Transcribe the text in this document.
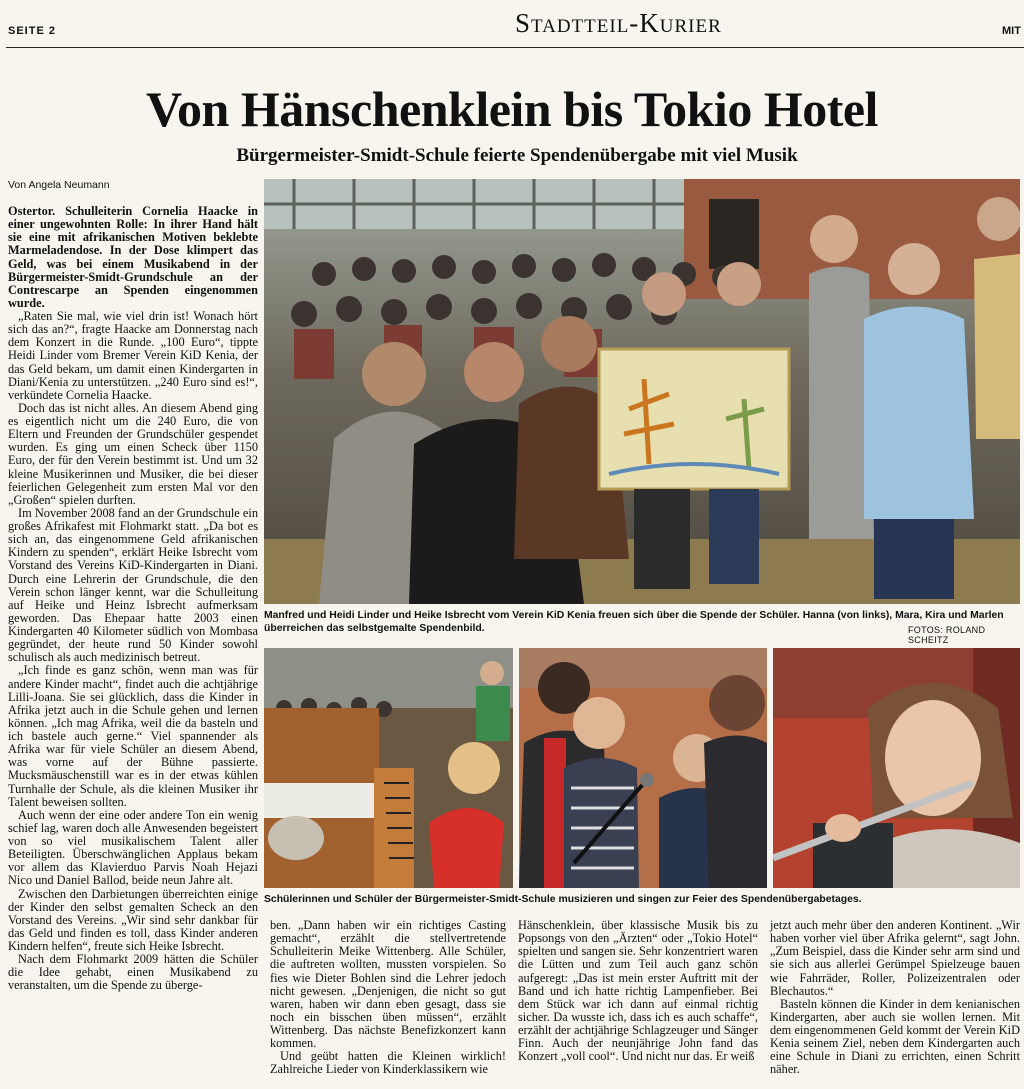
SEITE 2	Stadtteil-Kurier	MIT
Von Hänschenklein bis Tokio Hotel
Bürgermeister-Smidt-Schule feierte Spendenübergabe mit viel Musik
Von Angela Neumann

Ostertor. Schulleiterin Cornelia Haacke in einer ungewohnten Rolle: In ihrer Hand hält sie eine mit afrikanischen Motiven beklebte Marmeladendose. In der Dose klimpert das Geld, was bei einem Musikabend in der Bürgermeister-Smidt-Grundschule an der Contrescarpe an Spenden eingenommen wurde.

„Raten Sie mal, wie viel drin ist! Wonach hört sich das an?“, fragte Haacke am Donnerstag nach dem Konzert in die Runde. „100 Euro“, tippte Heidi Linder vom Bremer Verein KiD Kenia, der das Geld bekam, um damit einen Kindergarten in Diani/Kenia zu unterstützen. „240 Euro sind es!“, verkündete Cornelia Haacke.

Doch das ist nicht alles. An diesem Abend ging es eigentlich nicht um die 240 Euro, die von Eltern und Freunden der Grundschüler gespendet wurden. Es ging um einen Scheck über 1150 Euro, der für den Verein bestimmt ist. Und um 32 kleine Musikerinnen und Musiker, die bei dieser feierlichen Gelegenheit zum ersten Mal vor den „Großen“ spielen durften.

Im November 2008 fand an der Grundschule ein großes Afrikafest mit Flohmarkt statt. „Da bot es sich an, das eingenommene Geld afrikanischen Kindern zu spenden“, erklärt Heike Isbrecht vom Vorstand des Vereins KiD-Kindergarten in Diani. Durch eine Lehrerin der Grundschule, die den Verein schon länger kennt, war die Schulleitung auf Heike und Heinz Isbrecht aufmerksam geworden. Das Ehepaar hatte 2003 einen Kindergarten 40 Kilometer südlich von Mombasa gegründet, der heute rund 50 Kinder sowohl schulisch als auch medizinisch betreut.

„Ich finde es ganz schön, wenn man was für andere Kinder macht“, findet auch die achtjährige Lilli-Joana. Sie sei glücklich, dass die Kinder in Afrika jetzt auch in die Schule gehen und lernen können. „Ich mag Afrika, weil die da basteln und ich bastele auch gerne.“ Viel spannender als Afrika war für viele Schüler an diesem Abend, was vorne auf der Bühne passierte. Mucksmäuschenstill war es in der etwas kühlen Turnhalle der Schule, als die kleinen Musiker ihr Talent beweisen sollten.

Auch wenn der eine oder andere Ton ein wenig schief lag, waren doch alle Anwesenden begeistert von so viel musikalischem Talent aller Beteiligten. Überschwänglichen Applaus bekam vor allem das Klavierduo Parvis Noah Hejazi Nico und Daniel Ballod, beide neun Jahre alt.

Zwischen den Darbietungen überreichten einige der Kinder den selbst gemalten Scheck an den Vorstand des Vereins. „Wir sind sehr dankbar für das Geld und finden es toll, dass Kinder anderen Kindern helfen“, freute sich Heike Isbrecht.

Nach dem Flohmarkt 2009 hätten die Schüler die Idee gehabt, einen Musikabend zu veranstalten, um die Spende zu überge-

Manfred und Heidi Linder und Heike Isbrecht vom Verein KiD Kenia freuen sich über die Spende der Schüler. Hanna (von links), Mara, Kira und Marlen überreichen das selbstgemalte Spendenbild.	FOTOS: ROLAND SCHEITZ
Schülerinnen und Schüler der Bürgermeister-Smidt-Schule musizieren und singen zur Feier des Spendenübergabetages.

ben. „Dann haben wir ein richtiges Casting gemacht“, erzählt die stellvertretende Schulleiterin Meike Wittenberg. Alle Schüler, die auftreten wollten, mussten vorspielen. So fies wie Dieter Bohlen sind die Lehrer jedoch nicht gewesen. „Denjenigen, die nicht so gut waren, haben wir dann eben gesagt, dass sie noch ein bisschen üben müssen“, erzählt Wittenberg. Das nächste Benefizkonzert kann kommen.

Und geübt hatten die Kleinen wirklich! Zahlreiche Lieder von Kinderklassikern wie

Hänschenklein, über klassische Musik bis zu Popsongs von den „Ärzten“ oder „Tokio Hotel“ spielten und sangen sie. Sehr konzentriert waren die Lütten und zum Teil auch ganz schön aufgeregt: „Das ist mein erster Auftritt mit der Band und ich hatte richtig Lampenfieber. Bei dem Stück war ich dann auf einmal richtig sicher. Da wusste ich, dass ich es auch schaffe“, erzählt der achtjährige Schlagzeuger und Sänger Finn. Auch der neunjährige John fand das Konzert „voll cool“. Und nicht nur das. Er weiß

jetzt auch mehr über den anderen Kontinent. „Wir haben vorher viel über Afrika gelernt“, sagt John. „Zum Beispiel, dass die Kinder sehr arm sind und sie sich aus allerlei Gerümpel Spielzeuge bauen wie Fahrräder, Roller, Polizeizentralen oder Blechautos.“

Basteln können die Kinder in dem kenianischen Kindergarten, aber auch sie wollen lernen. Mit dem eingenommenen Geld kommt der Verein KiD Kenia seinem Ziel, neben dem Kindergarten auch eine Schule in Diani zu errichten, einen Schritt näher.
